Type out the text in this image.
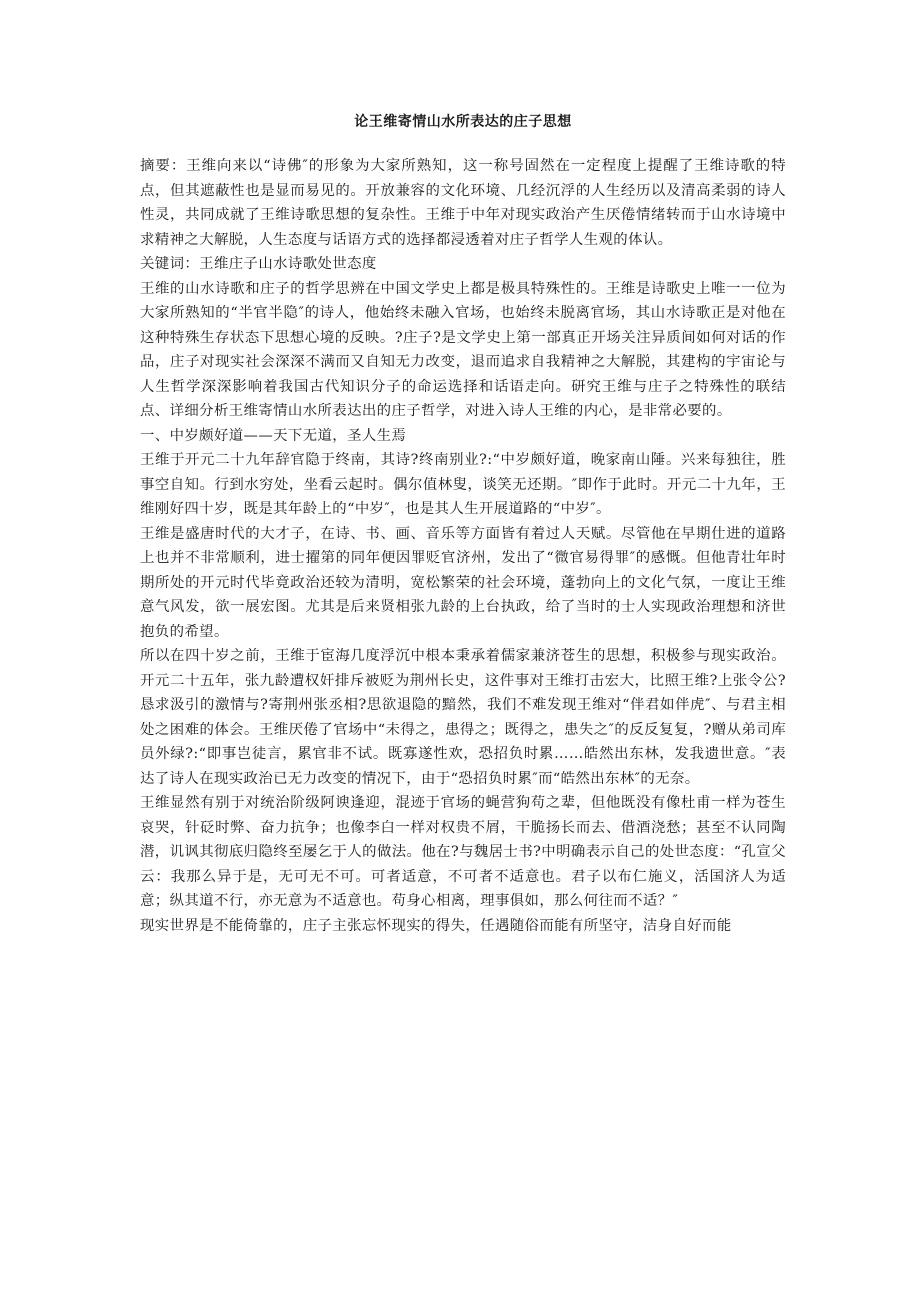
论王维寄情山水所表达的庄子思想

摘要：王维向来以“诗佛″的形象为大家所熟知，这一称号固然在一定程度上提醒了王维诗歌的特点，但其遮蔽性也是显而易见的。开放兼容的文化环境、几经沉浮的人生经历以及清高柔弱的诗人性灵，共同成就了王维诗歌思想的复杂性。王维于中年对现实政治产生厌倦情绪转而于山水诗境中求精神之大解脱，人生态度与话语方式的选择都浸透着对庄子哲学人生观的体认。

关键词：王维庄子山水诗歌处世态度

王维的山水诗歌和庄子的哲学思辨在中国文学史上都是极具特殊性的。王维是诗歌史上唯一一位为大家所熟知的“半官半隐″的诗人，他始终未融入官场，也始终未脱离官场，其山水诗歌正是对他在这种特殊生存状态下思想心境的反映。?庄子?是文学史上第一部真正开场关注异质间如何对话的作品，庄子对现实社会深深不满而又自知无力改变，退而追求自我精神之大解脱，其建构的宇宙论与人生哲学深深影响着我国古代知识分子的命运选择和话语走向。研究王维与庄子之特殊性的联结点、详细分析王维寄情山水所表达出的庄子哲学，对进入诗人王维的内心，是非常必要的。

一、中岁颇好道——天下无道，圣人生焉

王维于开元二十九年辞官隐于终南，其诗?终南别业?:“中岁颇好道，晚家南山陲。兴来每独往，胜事空自知。行到水穷处，坐看云起时。偶尔值林叟，谈笑无还期。″即作于此时。开元二十九年，王维刚好四十岁，既是其年龄上的“中岁″，也是其人生开展道路的“中岁″。

王维是盛唐时代的大才子，在诗、书、画、音乐等方面皆有着过人天赋。尽管他在早期仕进的道路上也并不非常顺利，进士擢第的同年便因罪贬官济州，发出了“微官易得罪″的感慨。但他青壮年时期所处的开元时代毕竟政治还较为清明，宽松繁荣的社会环境，蓬勃向上的文化气氛，一度让王维意气风发，欲一展宏图。尤其是后来贤相张九龄的上台执政，给了当时的士人实现政治理想和济世抱负的希望。

所以在四十岁之前，王维于宦海几度浮沉中根本秉承着儒家兼济苍生的思想，积极参与现实政治。开元二十五年，张九龄遭权奸排斥被贬为荆州长史，这件事对王维打击宏大，比照王维?上张令公?恳求汲引的激情与?寄荆州张丞相?思欲退隐的黯然，我们不难发现王维对“伴君如伴虎″、与君主相处之困难的体会。王维厌倦了官场中“未得之，患得之；既得之，患失之″的反反复复，?赠从弟司库员外绿?:“即事岂徒言，累官非不试。既寡遂性欢，恐招负时累……皓然出东林，发我遗世意。″表达了诗人在现实政治已无力改变的情况下，由于“恐招负时累″而“皓然出东林″的无奈。

王维显然有别于对统治阶级阿谀逢迎，混迹于官场的蝇营狗苟之辈，但他既没有像杜甫一样为苍生哀哭，针砭时弊、奋力抗争；也像李白一样对权贵不屑，干脆扬长而去、借酒浇愁；甚至不认同陶潜，讥讽其彻底归隐终至屡乞于人的做法。他在?与魏居士书?中明确表示自己的处世态度：“孔宣父云：我那么异于是，无可无不可。可者适意，不可者不适意也。君子以布仁施义，活国济人为适意；纵其道不行，亦无意为不适意也。苟身心相离，理事俱如，那么何往而不适？″

现实世界是不能倚靠的，庄子主张忘怀现实的得失，任遇随俗而能有所坚守，洁身自好而能
